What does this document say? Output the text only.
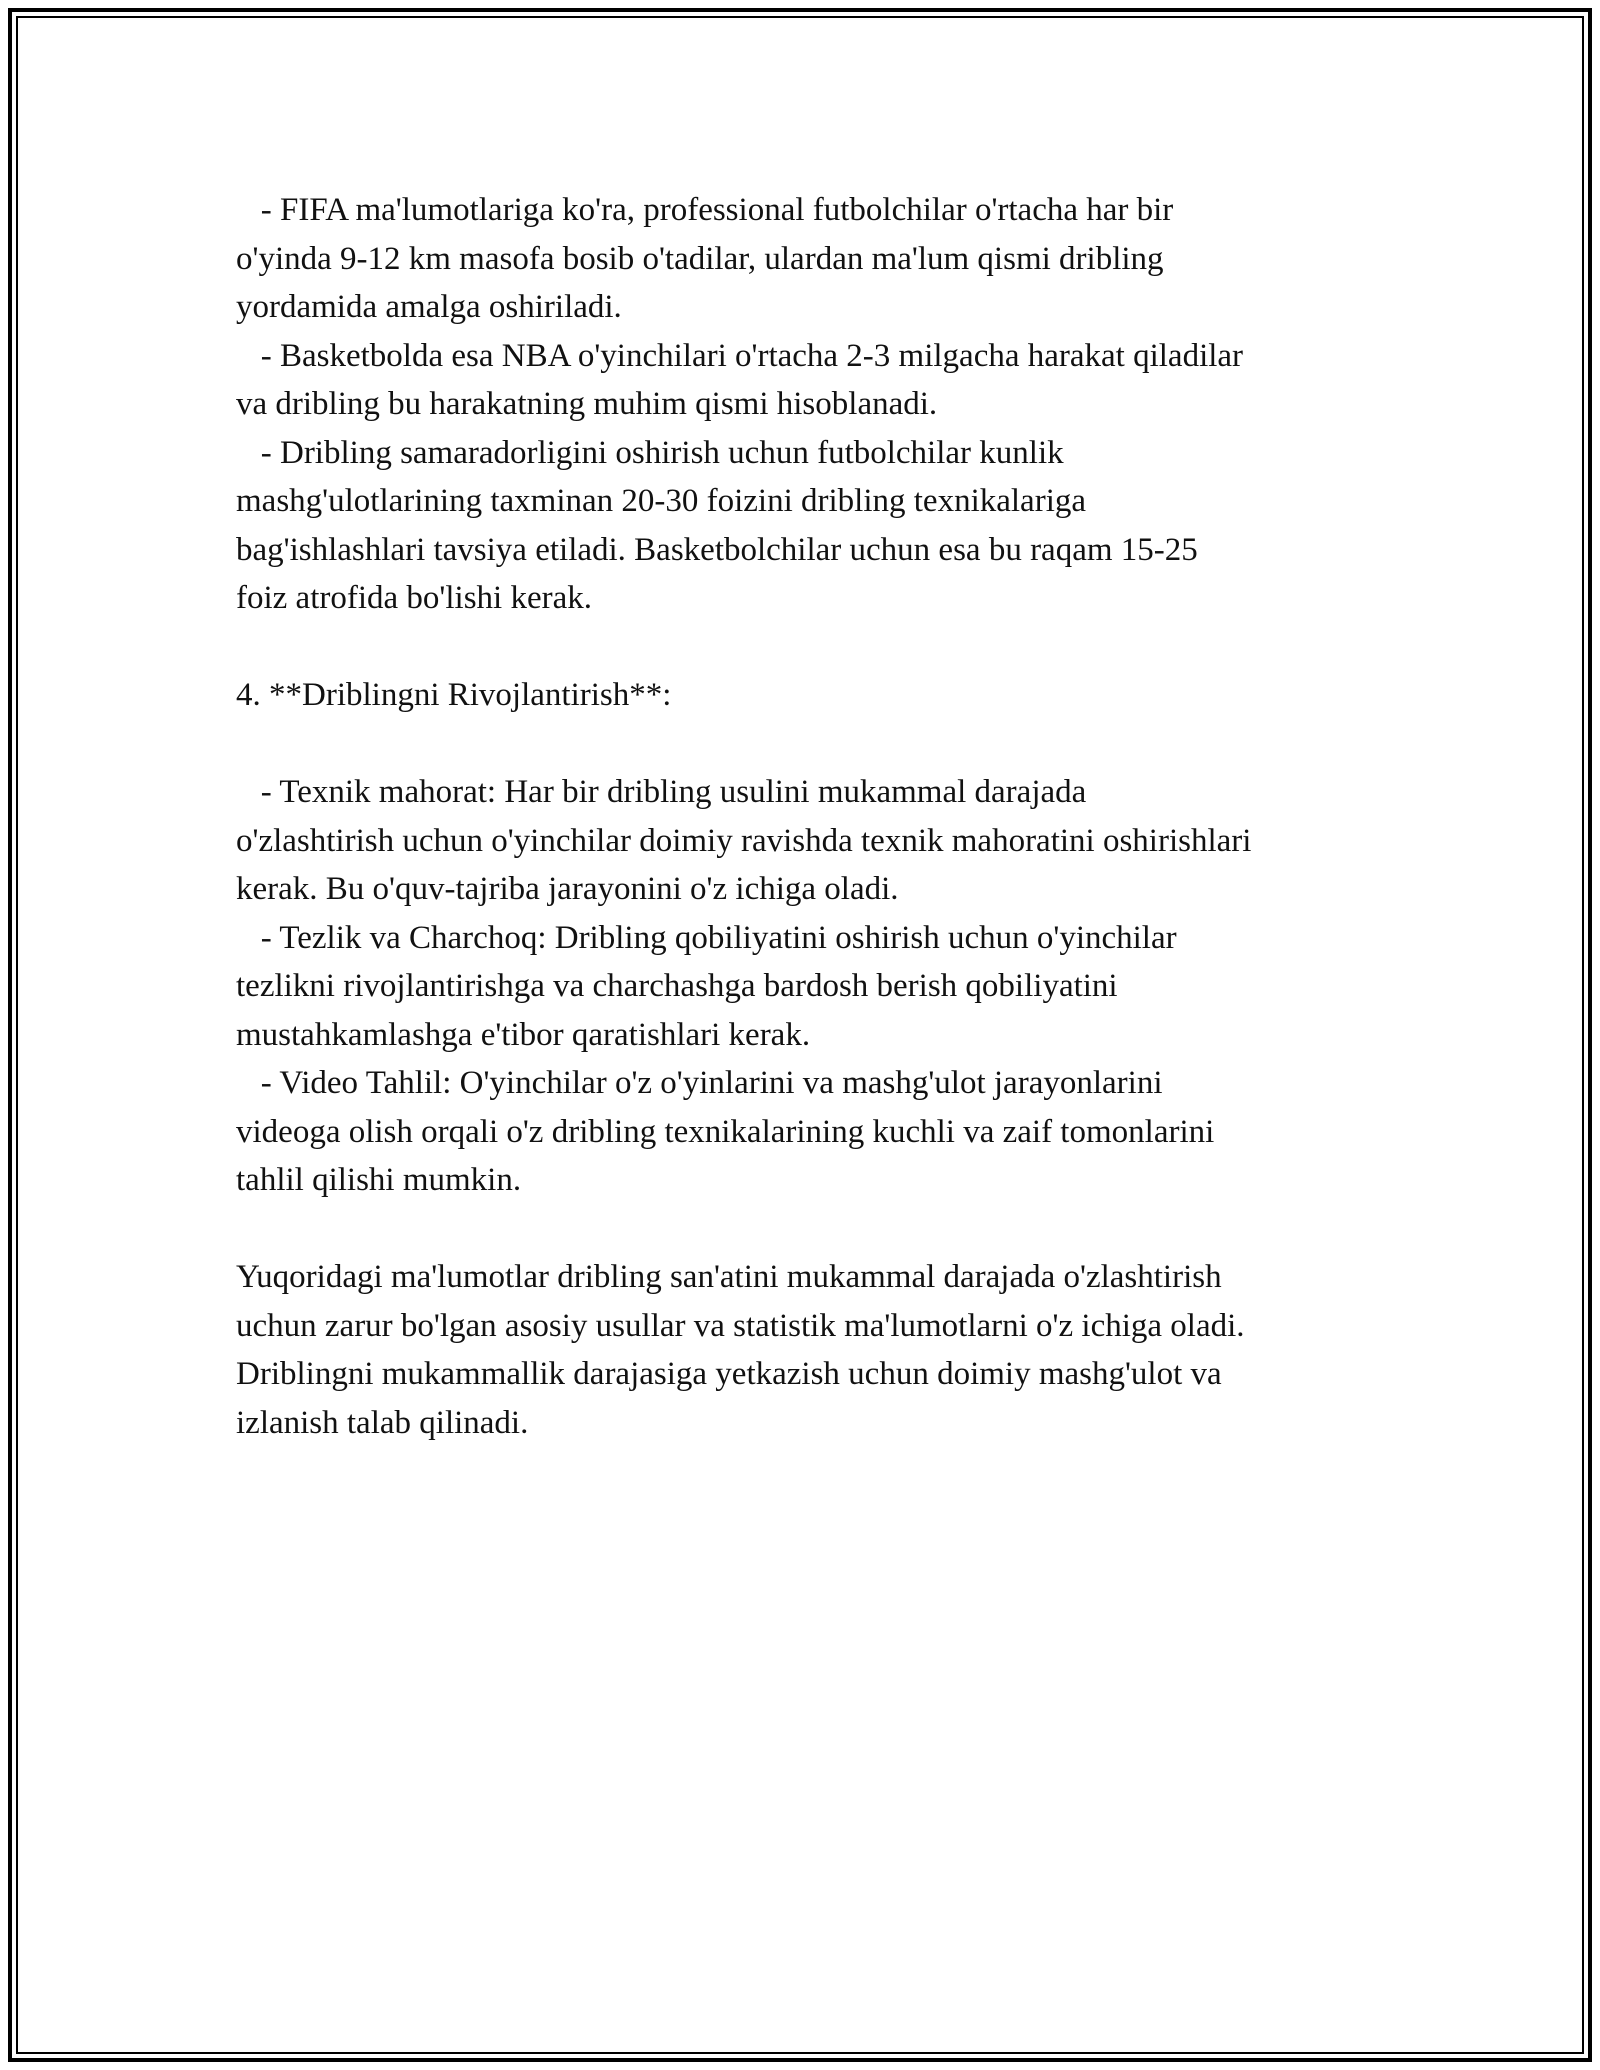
- FIFA ma'lumotlariga ko'ra, professional futbolchilar o'rtacha har bir
o'yinda 9-12 km masofa bosib o'tadilar, ulardan ma'lum qismi dribling
yordamida amalga oshiriladi.
- Basketbolda esa NBA o'yinchilari o'rtacha 2-3 milgacha harakat qiladilar
va dribling bu harakatning muhim qismi hisoblanadi.
- Dribling samaradorligini oshirish uchun futbolchilar kunlik
mashg'ulotlarining taxminan 20-30 foizini dribling texnikalariga
bag'ishlashlari tavsiya etiladi. Basketbolchilar uchun esa bu raqam 15-25
foiz atrofida bo'lishi kerak.
4. **Driblingni Rivojlantirish**:
- Texnik mahorat: Har bir dribling usulini mukammal darajada
o'zlashtirish uchun o'yinchilar doimiy ravishda texnik mahoratini oshirishlari
kerak. Bu o'quv-tajriba jarayonini o'z ichiga oladi.
- Tezlik va Charchoq: Dribling qobiliyatini oshirish uchun o'yinchilar
tezlikni rivojlantirishga va charchashga bardosh berish qobiliyatini
mustahkamlashga e'tibor qaratishlari kerak.
- Video Tahlil: O'yinchilar o'z o'yinlarini va mashg'ulot jarayonlarini
videoga olish orqali o'z dribling texnikalarining kuchli va zaif tomonlarini
tahlil qilishi mumkin.
Yuqoridagi ma'lumotlar dribling san'atini mukammal darajada o'zlashtirish
uchun zarur bo'lgan asosiy usullar va statistik ma'lumotlarni o'z ichiga oladi.
Driblingni mukammallik darajasiga yetkazish uchun doimiy mashg'ulot va
izlanish talab qilinadi.
